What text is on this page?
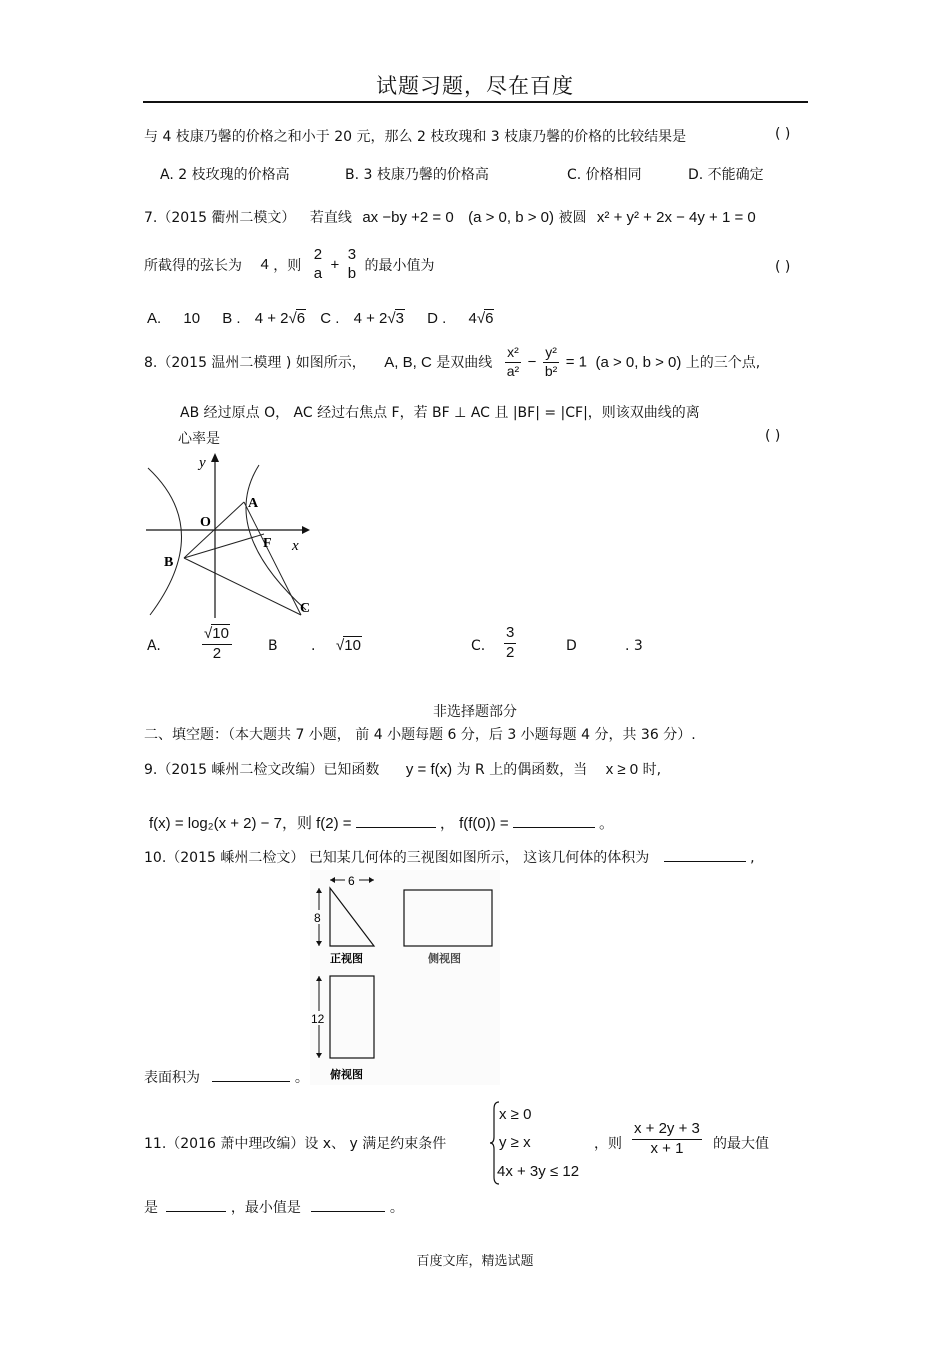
试题习题，尽在百度
与 4 枝康乃馨的价格之和小于 20 元，那么 2 枝玫瑰和 3 枝康乃馨的价格的比较结果是	( )
A. 2 枝玫瑰的价格高	B. 3 枝康乃馨的价格高	C. 价格相同	D. 不能确定
7.（2015 衢州二模文） 若直线 ax −by +2 = 0 (a > 0, b > 0) 被圆 x² + y² + 2x − 4y + 1 = 0
所截得的弦长为 4 ，则
2
a +
3
b 的最小值为	( )
A. 10 B . 4 + 2√6 C . 4 + 2√3 D . 4√6
8.（2015 温州二模理 ) 如图所示， A, B, C 是双曲线 $\frac{\text{x²}}{\text{a²}} - \frac{\text{y²}}{\text{b²}} = 1$ (a > 0, b > 0) 上的三个点,
AB 经过原点 O， AC 经过右焦点 F，若 BF ⊥ AC 且 |BF| = |CF|，则该双曲线的离
心率是	( )
y
x
O
A
B
F
C
A.	$\frac{√10}{2}$	B . √10	C. $\frac{3}{2}$	D	. 3
非选择题部分
二、填空题：（本大题共 7 小题， 前 4 小题每题 6 分，后 3 小题每题 4 分，共 36 分）.
9.（2015 嵊州二检文改编）已知函数 y = f(x) 为 R 上的偶函数，当 x ≥ 0 时,
f(x) = log₂(x + 2) − 7，则 f(2) =	， f(f(0)) =	。
10.（2015 嵊州二检文） 已知某几何体的三视图如图所示， 这该几何体的体积为	,
6
8
正视图	侧视图
12
俯视图
表面积为	。
11.（2016 萧中理改编）设 x、 y 满足约束条件
x ≥ 0
y ≥ x
4x + 3y ≤ 12
，则 $\frac{x + 2y + 3}{x + 1}$ 的最大值
是	，最小值是	。
百度文库，精选试题
